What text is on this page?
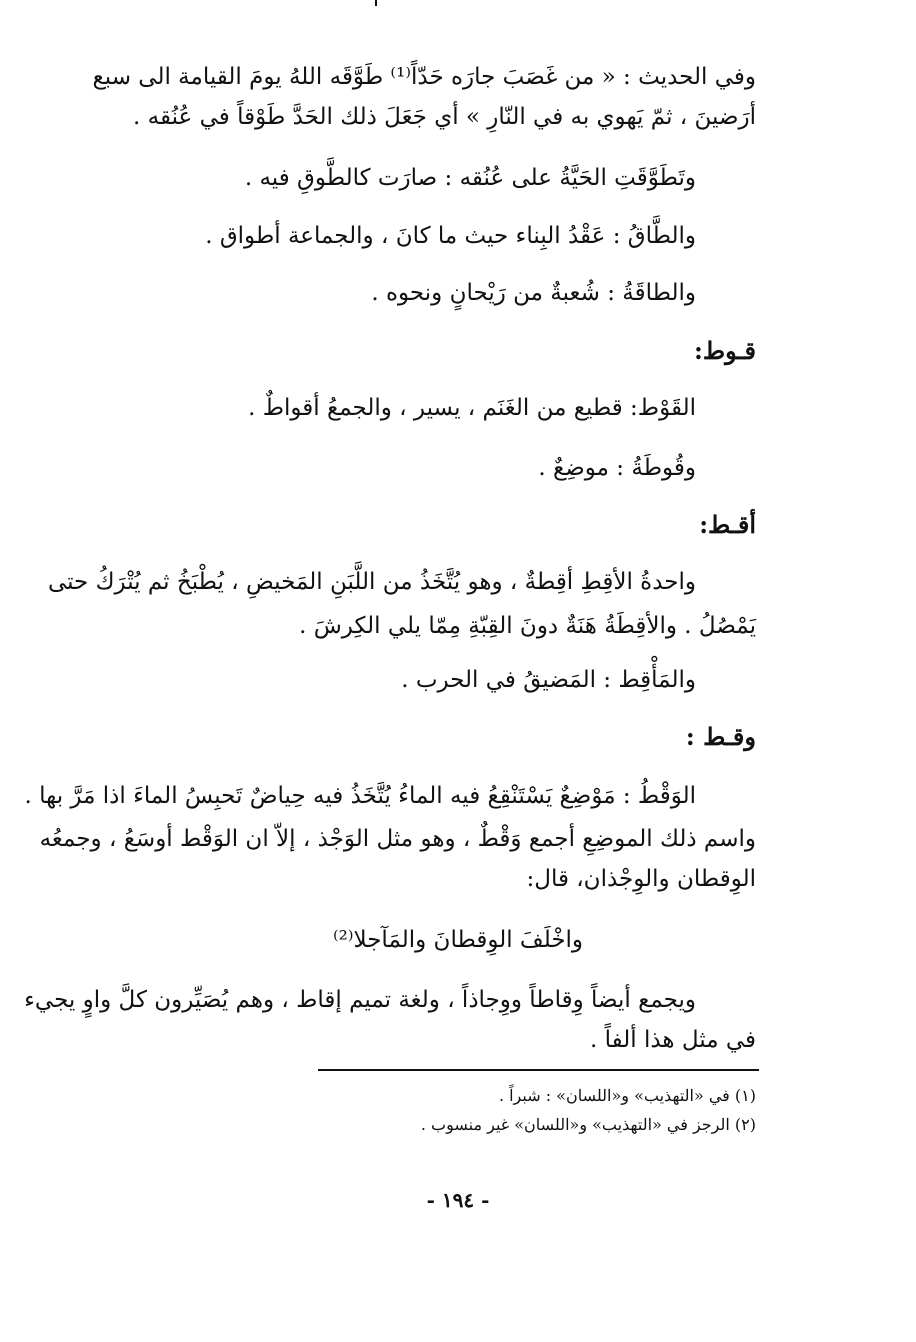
وفي الحديث : « من غَصَبَ جارَه حَدّاً⁽¹⁾ طَوَّقَه اللهُ يومَ القيامة الى سبع
أرَضينَ ، ثمّ يَهوي به في النّارِ » أي جَعَلَ ذلك الحَدَّ طَوْقاً في عُنُقه .
وتَطَوَّقَتِ الحَيَّةُ على عُنُقه : صارَت كالطَّوقِ فيه .
والطَّاقُ : عَقْدُ البِناء حيث ما كانَ ، والجماعة أطواق .
والطاقَةُ : شُعبةٌ من رَيْحانٍ ونحوه .
قـوط:
القَوْط: قطيع من الغَنَم ، يسير ، والجمعُ أقواطٌ .
وقُوطَةُ : موضِعٌ .
أقـط:
واحدةُ الأقِطِ أقِطةٌ ، وهو يُتَّخَذُ من اللَّبَنِ المَخيضِ ، يُطْبَخُ ثم يُتْرَكُ حتى
يَمْصُلُ . والأقِطَةُ هَنَةٌ دونَ القِبّةِ مِمّا يلي الكِرشَ .
والمَأْقِط : المَضيقُ في الحرب .
وقـط :
الوَقْطُ : مَوْضِعٌ يَسْتَنْقِعُ فيه الماءُ يُتَّخَذُ فيه حِياضٌ تَحبِسُ الماءَ اذا مَرَّ بها .
واسم ذلك الموضِعِ أجمع وَقْطٌ ، وهو مثل الوَجْذ ، إلاّ ان الوَقْط أوسَعُ ، وجمعُه
الوِقطان والوِجْذان، قال:
واخْلَفَ الوِقطانَ والمَآجلا⁽²⁾
ويجمع أيضاً وِقاطاً ووِجاذاً ، ولغة تميم إقاط ، وهم يُصَيِّرون كلَّ واوٍ يجيء
في مثل هذا ألفاً .
(١) في «التهذيب» و«اللسان» : شبراً .
(٢) الرجز في «التهذيب» و«اللسان» غير منسوب .
- ١٩٤ -
